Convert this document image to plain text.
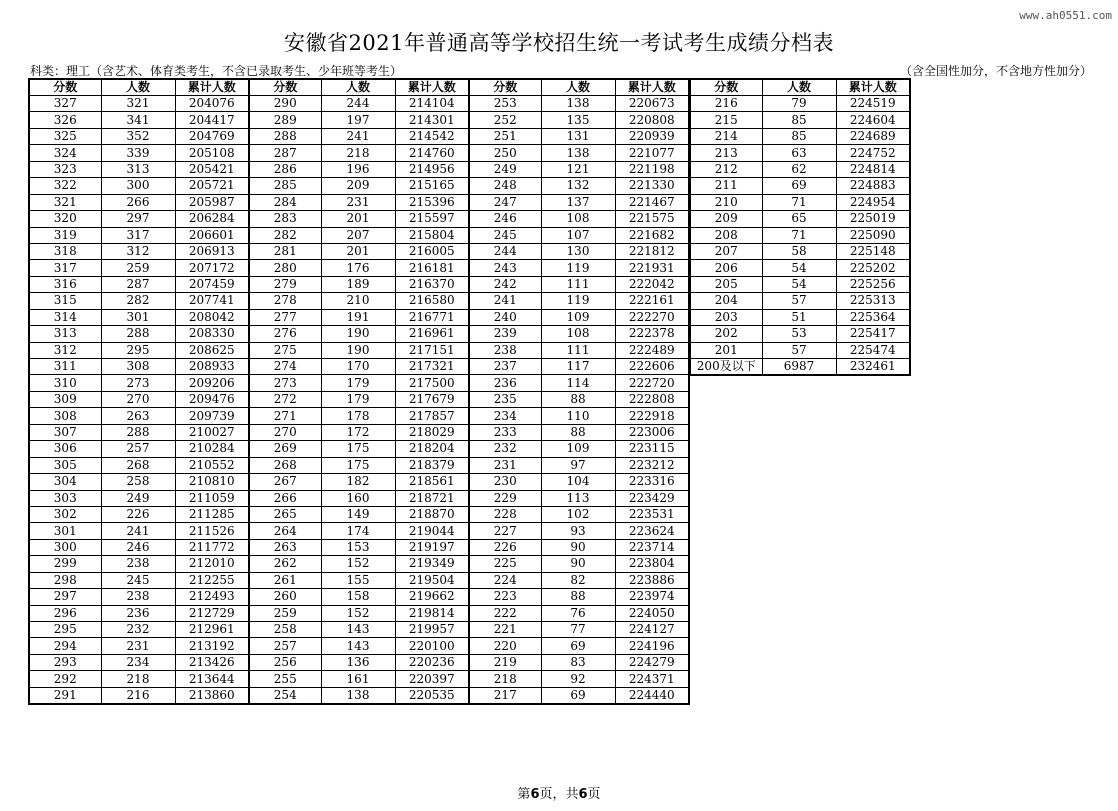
www.ah0551.com
安徽省2021年普通高等学校招生统一考试考生成绩分档表
科类：理工（含艺术、体育类考生，不含已录取考生、少年班等考生）	（含全国性加分，不含地方性加分）
分数	人数	累计人数
327	321	204076
326	341	204417
325	352	204769
324	339	205108
323	313	205421
322	300	205721
321	266	205987
320	297	206284
319	317	206601
318	312	206913
317	259	207172
316	287	207459
315	282	207741
314	301	208042
313	288	208330
312	295	208625
311	308	208933
310	273	209206
309	270	209476
308	263	209739
307	288	210027
306	257	210284
305	268	210552
304	258	210810
303	249	211059
302	226	211285
301	241	211526
300	246	211772
299	238	212010
298	245	212255
297	238	212493
296	236	212729
295	232	212961
294	231	213192
293	234	213426
292	218	213644
291	216	213860
分数	人数	累计人数
290	244	214104
289	197	214301
288	241	214542
287	218	214760
286	196	214956
285	209	215165
284	231	215396
283	201	215597
282	207	215804
281	201	216005
280	176	216181
279	189	216370
278	210	216580
277	191	216771
276	190	216961
275	190	217151
274	170	217321
273	179	217500
272	179	217679
271	178	217857
270	172	218029
269	175	218204
268	175	218379
267	182	218561
266	160	218721
265	149	218870
264	174	219044
263	153	219197
262	152	219349
261	155	219504
260	158	219662
259	152	219814
258	143	219957
257	143	220100
256	136	220236
255	161	220397
254	138	220535
分数	人数	累计人数
253	138	220673
252	135	220808
251	131	220939
250	138	221077
249	121	221198
248	132	221330
247	137	221467
246	108	221575
245	107	221682
244	130	221812
243	119	221931
242	111	222042
241	119	222161
240	109	222270
239	108	222378
238	111	222489
237	117	222606
236	114	222720
235	88	222808
234	110	222918
233	88	223006
232	109	223115
231	97	223212
230	104	223316
229	113	223429
228	102	223531
227	93	223624
226	90	223714
225	90	223804
224	82	223886
223	88	223974
222	76	224050
221	77	224127
220	69	224196
219	83	224279
218	92	224371
217	69	224440
分数	人数	累计人数
216	79	224519
215	85	224604
214	85	224689
213	63	224752
212	62	224814
211	69	224883
210	71	224954
209	65	225019
208	71	225090
207	58	225148
206	54	225202
205	54	225256
204	57	225313
203	51	225364
202	53	225417
201	57	225474
200及以下	6987	232461
第6页，共6页
